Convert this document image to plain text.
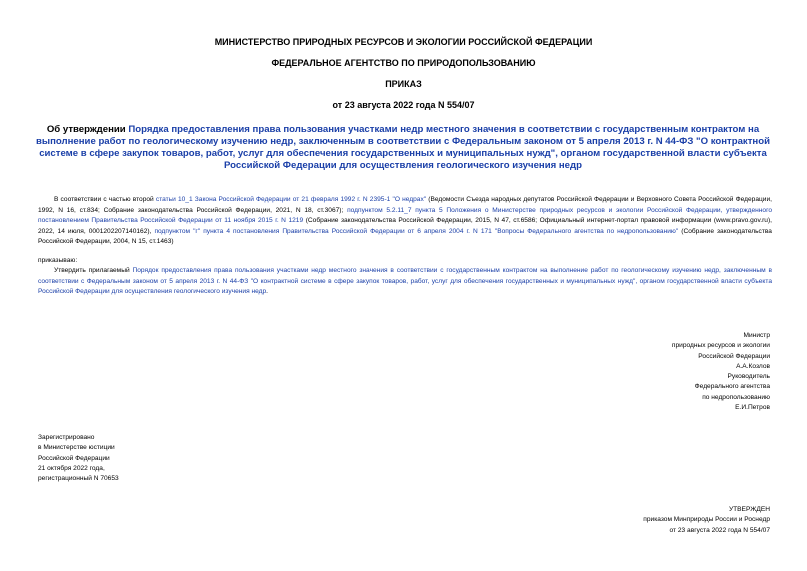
МИНИСТЕРСТВО ПРИРОДНЫХ РЕСУРСОВ И ЭКОЛОГИИ РОССИЙСКОЙ ФЕДЕРАЦИИ
ФЕДЕРАЛЬНОЕ АГЕНТСТВО ПО ПРИРОДОПОЛЬЗОВАНИЮ
ПРИКАЗ
от 23 августа 2022 года N 554/07
Об утверждении Порядка предоставления права пользования участками недр местного значения в соответствии с государственным контрактом на выполнение работ по геологическому изучению недр, заключенным в соответствии с Федеральным законом от 5 апреля 2013 г. N 44-ФЗ "О контрактной системе в сфере закупок товаров, работ, услуг для обеспечения государственных и муниципальных нужд", органом государственной власти субъекта Российской Федерации для осуществления геологического изучения недр
В соответствии с частью второй статьи 10_1 Закона Российской Федерации от 21 февраля 1992 г. N 2395-1 "О недрах" (Ведомости Съезда народных депутатов Российской Федерации и Верховного Совета Российской Федерации, 1992, N 16, ст.834; Собрание законодательства Российской Федерации, 2021, N 18, ст.3067); подпунктом 5.2.11_7 пункта 5 Положения о Министерстве природных ресурсов и экологии Российской Федерации, утвержденного постановлением Правительства Российской Федерации от 11 ноября 2015 г. N 1219 (Собрание законодательства Российской Федерации, 2015, N 47, ст.6586; Официальный интернет-портал правовой информации (www.pravo.gov.ru), 2022, 14 июля, 0001202207140162), подпунктом "г" пункта 4 постановления Правительства Российской Федерации от 6 апреля 2004 г. N 171 "Вопросы Федерального агентства по недропользованию" (Собрание законодательства Российской Федерации, 2004, N 15, ст.1463)
приказываю:
Утвердить прилагаемый Порядок предоставления права пользования участками недр местного значения в соответствии с государственным контрактом на выполнение работ по геологическому изучению недр, заключенным в соответствии с Федеральным законом от 5 апреля 2013 г. N 44-ФЗ "О контрактной системе в сфере закупок товаров, работ, услуг для обеспечения государственных и муниципальных нужд", органом государственной власти субъекта Российской Федерации для осуществления геологического изучения недр.
Министр
природных ресурсов и экологии
Российской Федерации
А.А.Козлов
Руководитель
Федерального агентства
по недропользованию
Е.И.Петров
Зарегистрировано
в Министерстве юстиции
Российской Федерации
21 октября 2022 года,
регистрационный N 70653
УТВЕРЖДЕН
приказом Минприроды России и Роснедр
от 23 августа 2022 года N 554/07
